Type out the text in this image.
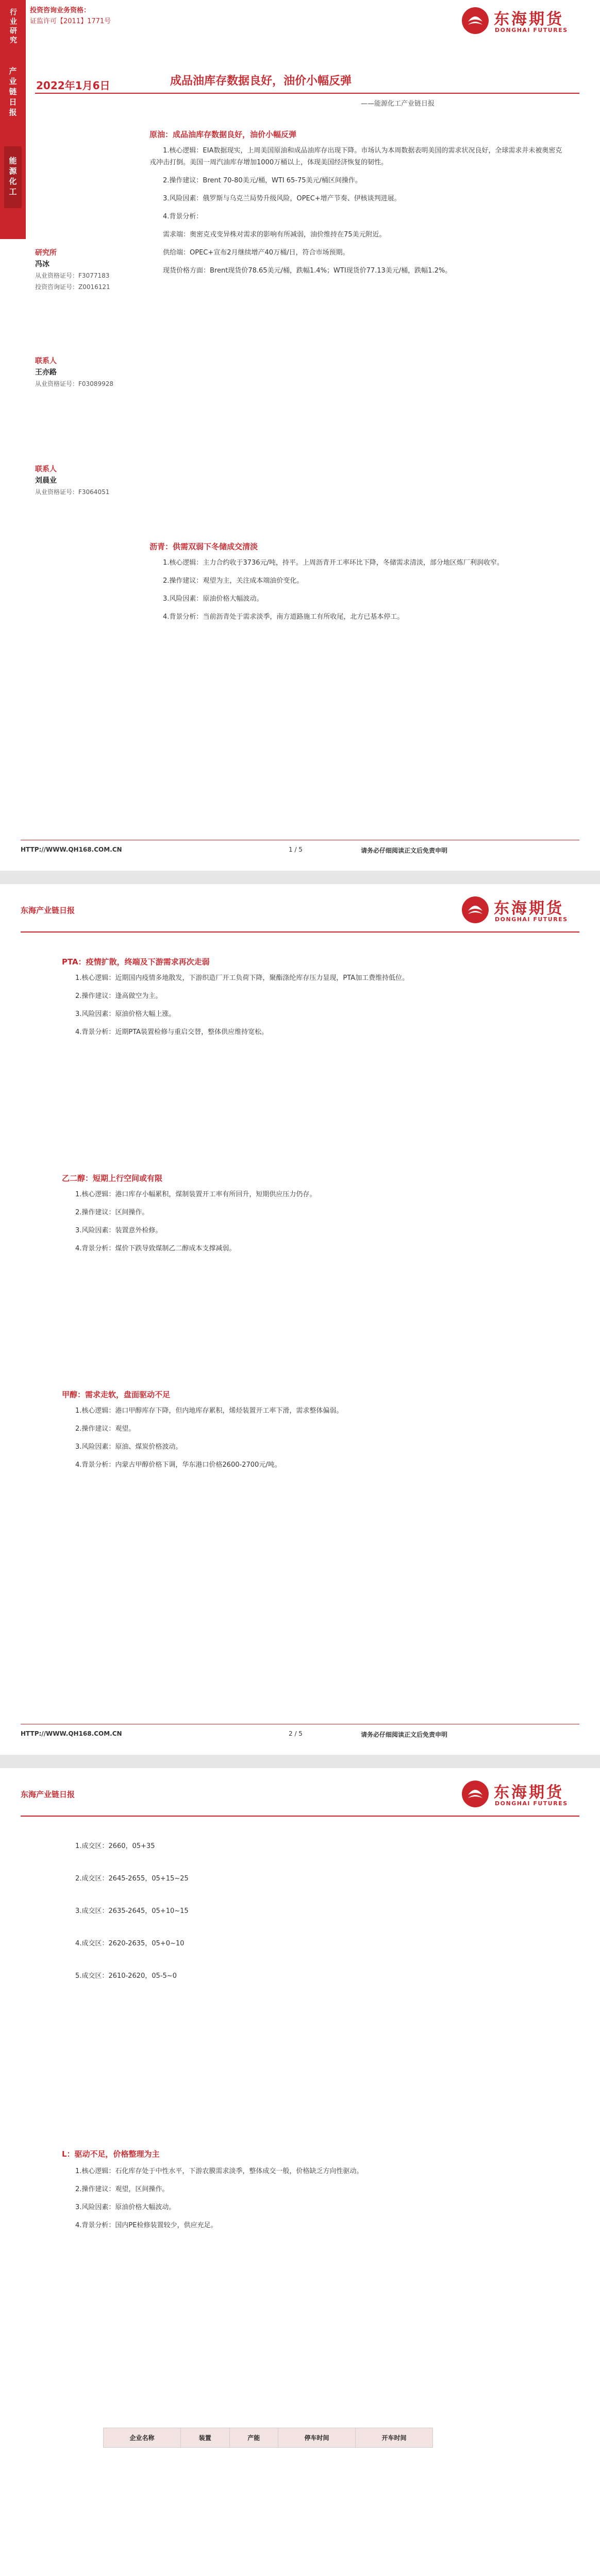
行业研究
产业链日报
能源化工
投资咨询业务资格：
证监许可【2011】1771号	东海期货
DONGHAI FUTURES
2022年1月6日	成品油库存数据良好，油价小幅反弹
——能源化工产业链日报
研究所
冯冰
从业资格证号：F3077183
投资咨询证号：Z0016121
联系人
王亦路
从业资格证号：F03089928
联系人
刘晨业
从业资格证号：F3064051
原油：成品油库存数据良好，油价小幅反弹

1.核心逻辑：EIA数据现实，上周美国原油和成品油库存出现下降。市场认为本周数据表明美国的需求状况良好，全球需求并未被奥密克戎冲击打倒。美国一周汽油库存增加1000万桶以上，体现美国经济恢复的韧性。

2.操作建议：Brent 70-80美元/桶，WTI 65-75美元/桶区间操作。

3.风险因素：俄罗斯与乌克兰局势升级风险，OPEC+增产节奏、伊核谈判进展。

4.背景分析：

需求端：奥密克戎变异株对需求的影响有所减弱，油价维持在75美元附近。

供给端：OPEC+宣布2月继续增产40万桶/日，符合市场预期。

现货价格方面：Brent现货价78.65美元/桶，跌幅1.4%；WTI现货价77.13美元/桶，跌幅1.2%。

沥青：供需双弱下冬储成交清淡

1.核心逻辑：主力合约收于3736元/吨，持平。上周沥青开工率环比下降，冬储需求清淡，部分地区炼厂利润收窄。

2.操作建议：观望为主，关注成本端油价变化。

3.风险因素：原油价格大幅波动。

4.背景分析：当前沥青处于需求淡季，南方道路施工有所收尾，北方已基本停工。

HTTP://WWW.QH168.COM.CN	1 / 5	请务必仔细阅读正文后免责申明
东海产业链日报	东海期货
DONGHAI FUTURES
PTA：疫情扩散，终端及下游需求再次走弱

1.核心逻辑：近期国内疫情多地散发，下游织造厂开工负荷下降，聚酯涤纶库存压力显现，PTA加工费维持低位。

2.操作建议：逢高做空为主。

3.风险因素：原油价格大幅上涨。

4.背景分析：近期PTA装置检修与重启交替，整体供应维持宽松。

乙二醇：短期上行空间或有限

1.核心逻辑：港口库存小幅累积，煤制装置开工率有所回升，短期供应压力仍存。

2.操作建议：区间操作。

3.风险因素：装置意外检修。

4.背景分析：煤价下跌导致煤制乙二醇成本支撑减弱。

甲醇：需求走软，盘面驱动不足

1.核心逻辑：港口甲醇库存下降，但内地库存累积，烯烃装置开工率下滑，需求整体偏弱。

2.操作建议：观望。

3.风险因素：原油、煤炭价格波动。

4.背景分析：内蒙古甲醇价格下调，华东港口价格2600-2700元/吨。

HTTP://WWW.QH168.COM.CN	2 / 5	请务必仔细阅读正文后免责申明
东海产业链日报	东海期货
DONGHAI FUTURES

1.成交区：2660，05+35

2.成交区：2645-2655，05+15~25

3.成交区：2635-2645，05+10~15

4.成交区：2620-2635，05+0~10

5.成交区：2610-2620，05-5~0

L：驱动不足，价格整理为主

1.核心逻辑：石化库存处于中性水平，下游农膜需求淡季，整体成交一般，价格缺乏方向性驱动。

2.操作建议：观望，区间操作。

3.风险因素：原油价格大幅波动。

4.背景分析：国内PE检修装置较少，供应充足。

企业名称	装置	产能	停车时间	开车时间
